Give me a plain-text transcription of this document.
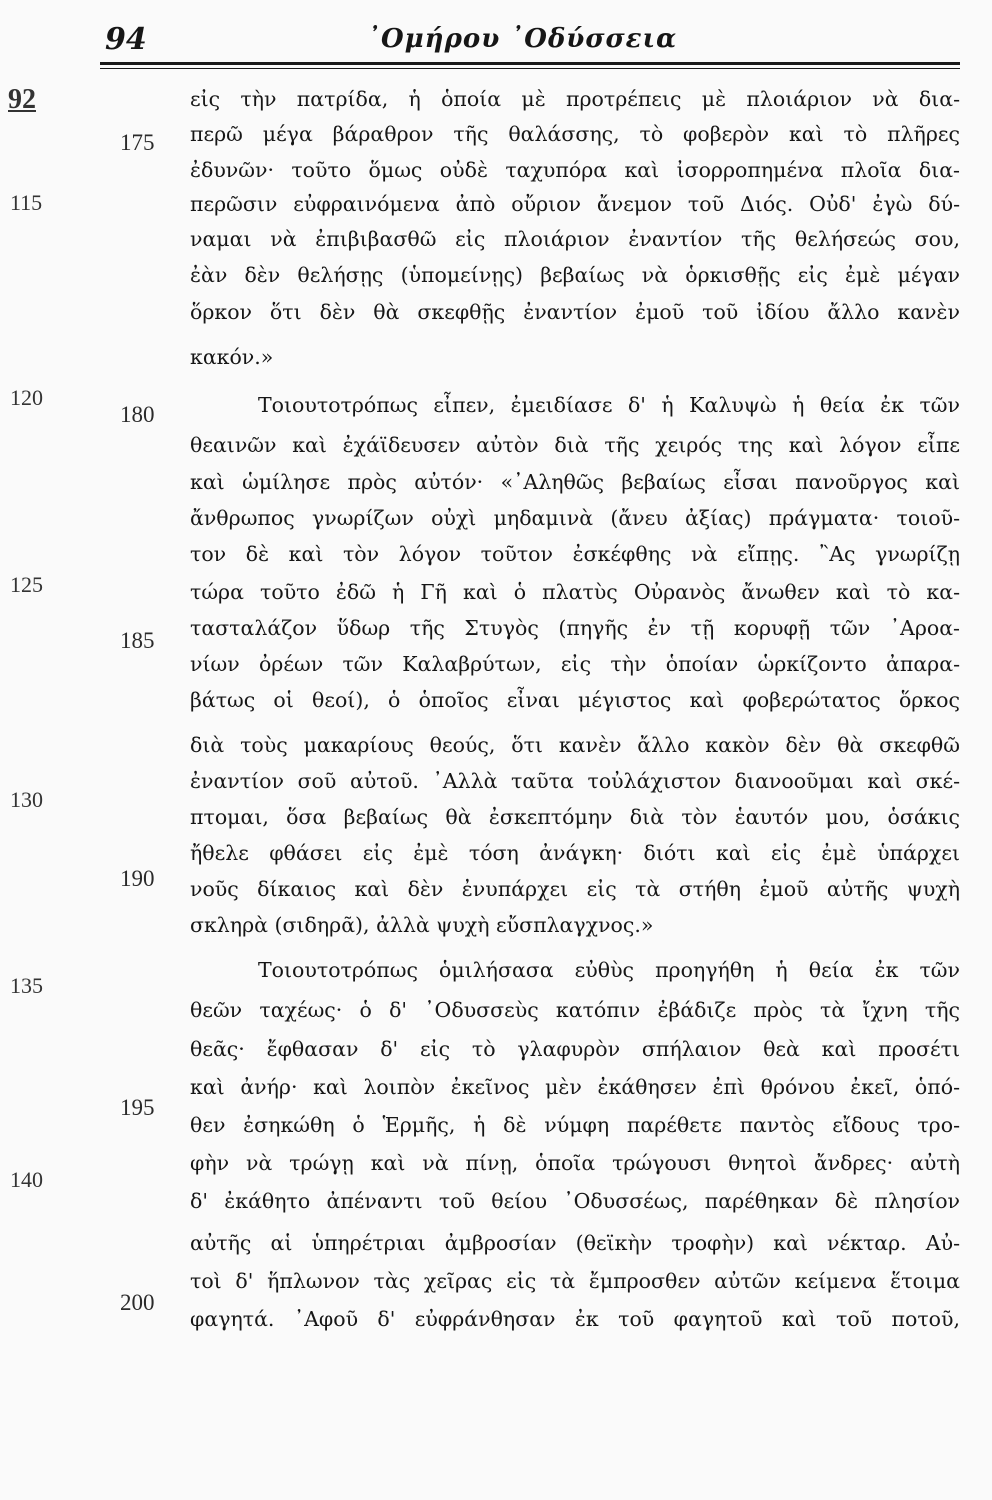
94	᾿Ομήρου ᾿Οδύσσεια
92
115
120
125
130
135
140
175
180
185
190
195
200
εἰς τὴν πατρίδα, ἡ ὁποία μὲ προτρέπεις μὲ πλοιάριον νὰ δια-
περῶ μέγα βάραθρον τῆς θαλάσσης, τὸ φοβερὸν καὶ τὸ πλῆρες
ἐδυνῶν· τοῦτο ὅμως οὐδὲ ταχυπόρα καὶ ἰσορροπημένα πλοῖα δια-
περῶσιν εὐφραινόμενα ἀπὸ οὔριον ἄνεμον τοῦ Διός. Οὐδ' ἐγὼ δύ-
ναμαι νὰ ἐπιβιβασθῶ εἰς πλοιάριον ἐναντίον τῆς θελήσεώς σου,
ἐὰν δὲν θελήσῃς (ὑπομείνῃς) βεβαίως νὰ ὁρκισθῇς εἰς ἐμὲ μέγαν
ὅρκον ὅτι δὲν θὰ σκεφθῇς ἐναντίον ἐμοῦ τοῦ ἰδίου ἄλλο κανὲν
κακόν.»
Τοιουτοτρόπως εἶπεν, ἐμειδίασε δ' ἡ Καλυψὼ ἡ θεία ἐκ τῶν
θεαινῶν καὶ ἐχάϊδευσεν αὐτὸν διὰ τῆς χειρός της καὶ λόγον εἶπε
καὶ ὡμίλησε πρὸς αὐτόν· «᾿Αληθῶς βεβαίως εἶσαι πανοῦργος καὶ
ἄνθρωπος γνωρίζων οὐχὶ μηδαμινὰ (ἄνευ ἀξίας) πράγματα· τοιοῦ-
τον δὲ καὶ τὸν λόγον τοῦτον ἐσκέφθης νὰ εἴπῃς. ῍Ας γνωρίζῃ
τώρα τοῦτο ἐδῶ ἡ Γῆ καὶ ὁ πλατὺς Οὐρανὸς ἄνωθεν καὶ τὸ κα-
τασταλάζον ὕδωρ τῆς Στυγὸς (πηγῆς ἐν τῇ κορυφῇ τῶν ᾿Αροα-
νίων ὀρέων τῶν Καλαβρύτων, εἰς τὴν ὁποίαν ὡρκίζοντο ἀπαρα-
βάτως οἱ θεοί), ὁ ὁποῖος εἶναι μέγιστος καὶ φοβερώτατος ὅρκος
διὰ τοὺς μακαρίους θεούς, ὅτι κανὲν ἄλλο κακὸν δὲν θὰ σκεφθῶ
ἐναντίον σοῦ αὐτοῦ. ᾿Αλλὰ ταῦτα τοὐλάχιστον διανοοῦμαι καὶ σκέ-
πτομαι, ὅσα βεβαίως θὰ ἐσκεπτόμην διὰ τὸν ἑαυτόν μου, ὁσάκις
ἤθελε φθάσει εἰς ἐμὲ τόση ἀνάγκη· διότι καὶ εἰς ἐμὲ ὑπάρχει
νοῦς δίκαιος καὶ δὲν ἐνυπάρχει εἰς τὰ στήθη ἐμοῦ αὐτῆς ψυχὴ
σκληρὰ (σιδηρᾶ), ἀλλὰ ψυχὴ εὔσπλαγχνος.»
Τοιουτοτρόπως ὁμιλήσασα εὐθὺς προηγήθη ἡ θεία ἐκ τῶν
θεῶν ταχέως· ὁ δ' ᾿Οδυσσεὺς κατόπιν ἐβάδιζε πρὸς τὰ ἴχνη τῆς
θεᾶς· ἔφθασαν δ' εἰς τὸ γλαφυρὸν σπήλαιον θεὰ καὶ προσέτι
καὶ ἀνήρ· καὶ λοιπὸν ἐκεῖνος μὲν ἐκάθησεν ἐπὶ θρόνου ἐκεῖ, ὁπό-
θεν ἐσηκώθη ὁ Ἑρμῆς, ἡ δὲ νύμφη παρέθετε παντὸς εἴδους τρο-
φὴν νὰ τρώγῃ καὶ νὰ πίνῃ, ὁποῖα τρώγουσι θνητοὶ ἄνδρες· αὐτὴ
δ' ἐκάθητο ἀπέναντι τοῦ θείου ᾿Οδυσσέως, παρέθηκαν δὲ πλησίον
αὐτῆς αἱ ὑπηρέτριαι ἀμβροσίαν (θεϊκὴν τροφὴν) καὶ νέκταρ. Αὐ-
τοὶ δ' ἥπλωνον τὰς χεῖρας εἰς τὰ ἔμπροσθεν αὐτῶν κείμενα ἕτοιμα
φαγητά. ᾿Αφοῦ δ' εὐφράνθησαν ἐκ τοῦ φαγητοῦ καὶ τοῦ ποτοῦ,
